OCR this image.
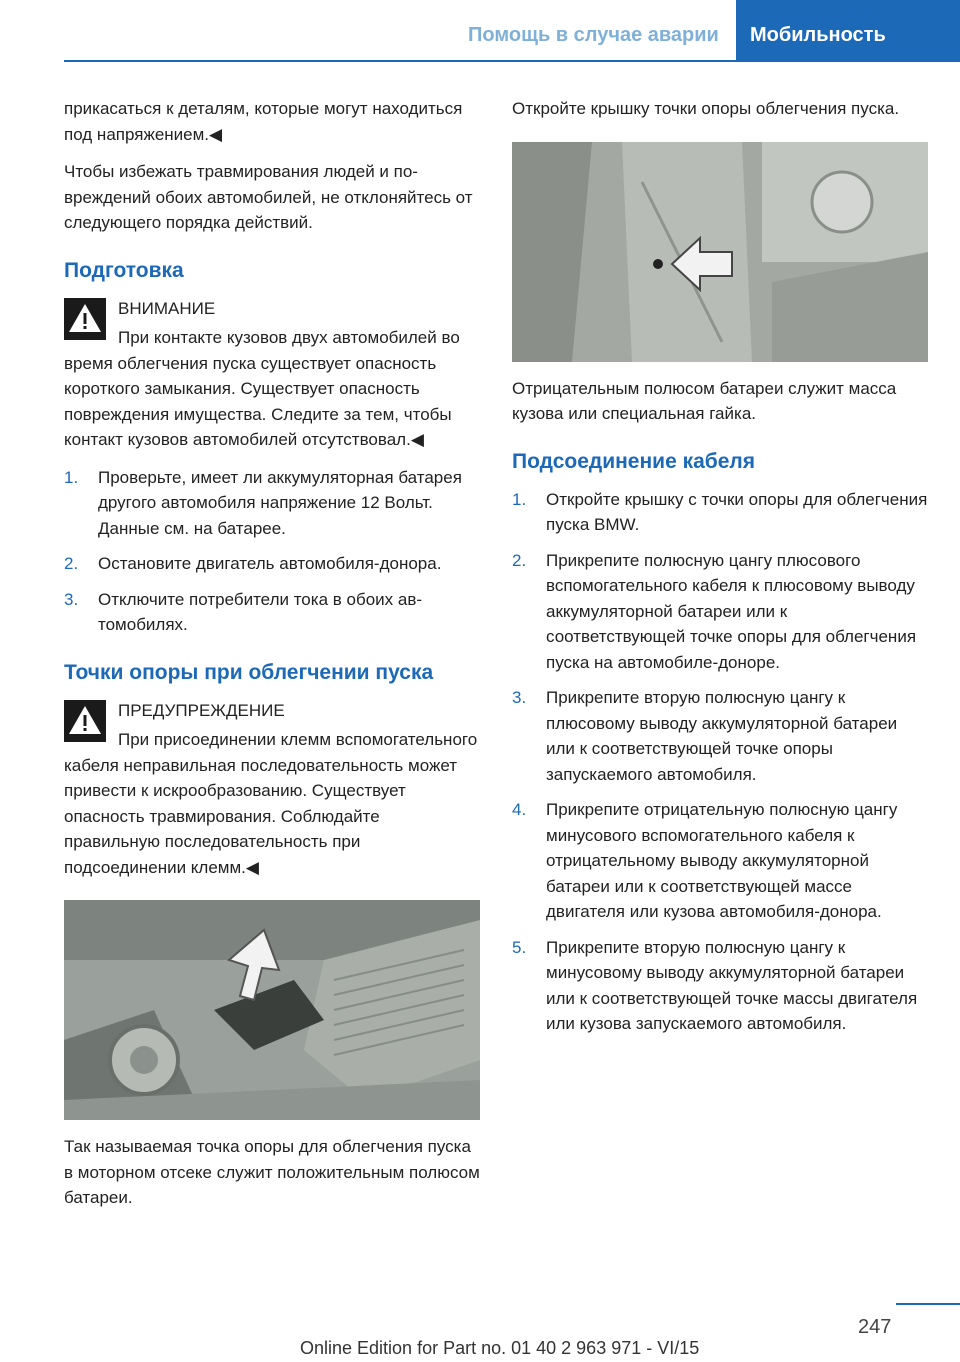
Помощь в случае аварии	Мобильность

прикасаться к деталям, которые могут находиться под напряжением.◀

Чтобы избежать травмирования людей и повреждений обоих автомобилей, не отклоняйтесь от следующего порядка действий.

Подготовка
ВНИМАНИЕ

При контакте кузовов двух автомобилей во время облегчения пуска существует опасность короткого замыкания. Существует опасность повреждения имущества. Следите за тем, чтобы контакт кузовов автомобилей отсутствовал.◀

1. Проверьте, имеет ли аккумуляторная батарея другого автомобиля напряжение 12 Вольт. Данные см. на батарее.
2. Остановите двигатель автомобиля-донора.
3. Отключите потребители тока в обоих автомобилях.
Точки опоры при облегчении пуска
ПРЕДУПРЕЖДЕНИЕ

При присоединении клемм вспомогательного кабеля неправильная последовательность может привести к искрообразованию. Существует опасность травмирования. Соблюдайте правильную последовательность при подсоединении клемм.◀

Так называемая точка опоры для облегчения пуска в моторном отсеке служит положительным полюсом батареи.

Откройте крышку точки опоры облегчения пуска.

Отрицательным полюсом батареи служит масса кузова или специальная гайка.

Подсоединение кабеля
1. Откройте крышку с точки опоры для облегчения пуска BMW.
2. Прикрепите полюсную цангу плюсового вспомогательного кабеля к плюсовому выводу аккумуляторной батареи или к соответствующей точке опоры для облегчения пуска на автомобиле-доноре.
3. Прикрепите вторую полюсную цангу к плюсовому выводу аккумуляторной батареи или к соответствующей точке опоры запускаемого автомобиля.
4. Прикрепите отрицательную полюсную цангу минусового вспомогательного кабеля к отрицательному выводу аккумуляторной батареи или к соответствующей массе двигателя или кузова автомобиля-донора.
5. Прикрепите вторую полюсную цангу к минусовому выводу аккумуляторной батареи или к соответствующей точке массы двигателя или кузова запускаемого автомобиля.
247
Online Edition for Part no. 01 40 2 963 971 - VI/15
